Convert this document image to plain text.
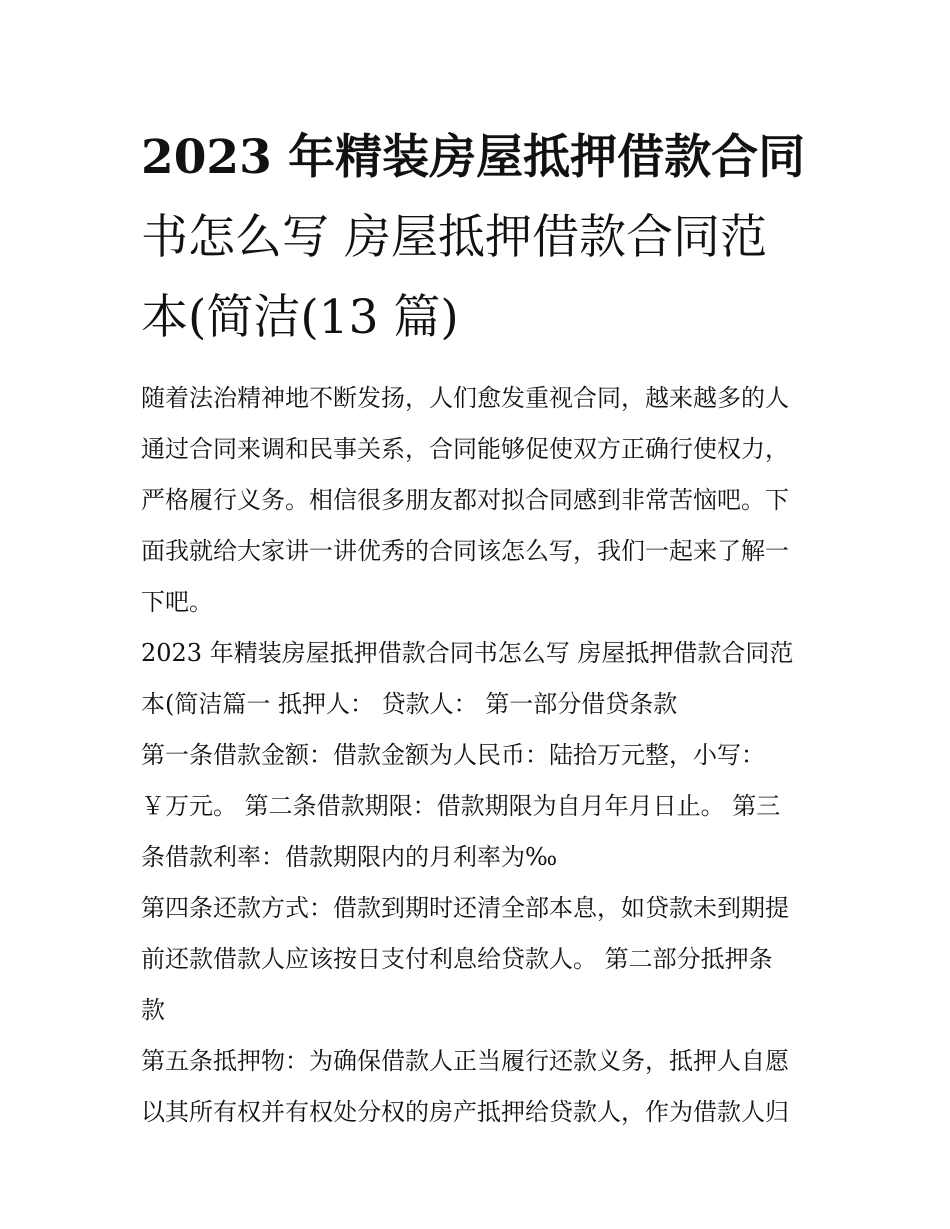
2023 年精装房屋抵押借款合同
书怎么写 房屋抵押借款合同范
本(简洁(13 篇)
随着法治精神地不断发扬，人们愈发重视合同，越来越多的人
通过合同来调和民事关系，合同能够促使双方正确行使权力，
严格履行义务。相信很多朋友都对拟合同感到非常苦恼吧。下
面我就给大家讲一讲优秀的合同该怎么写，我们一起来了解一
下吧。
2023 年精装房屋抵押借款合同书怎么写 房屋抵押借款合同范
本(简洁篇一 抵押人： 贷款人： 第一部分借贷条款
第一条借款金额：借款金额为人民币：陆拾万元整，小写：
￥万元。 第二条借款期限：借款期限为自月年月日止。 第三
条借款利率：借款期限内的月利率为‰
第四条还款方式：借款到期时还清全部本息，如贷款未到期提
前还款借款人应该按日支付利息给贷款人。 第二部分抵押条
款
第五条抵押物：为确保借款人正当履行还款义务，抵押人自愿
以其所有权并有权处分权的房产抵押给贷款人，作为借款人归
